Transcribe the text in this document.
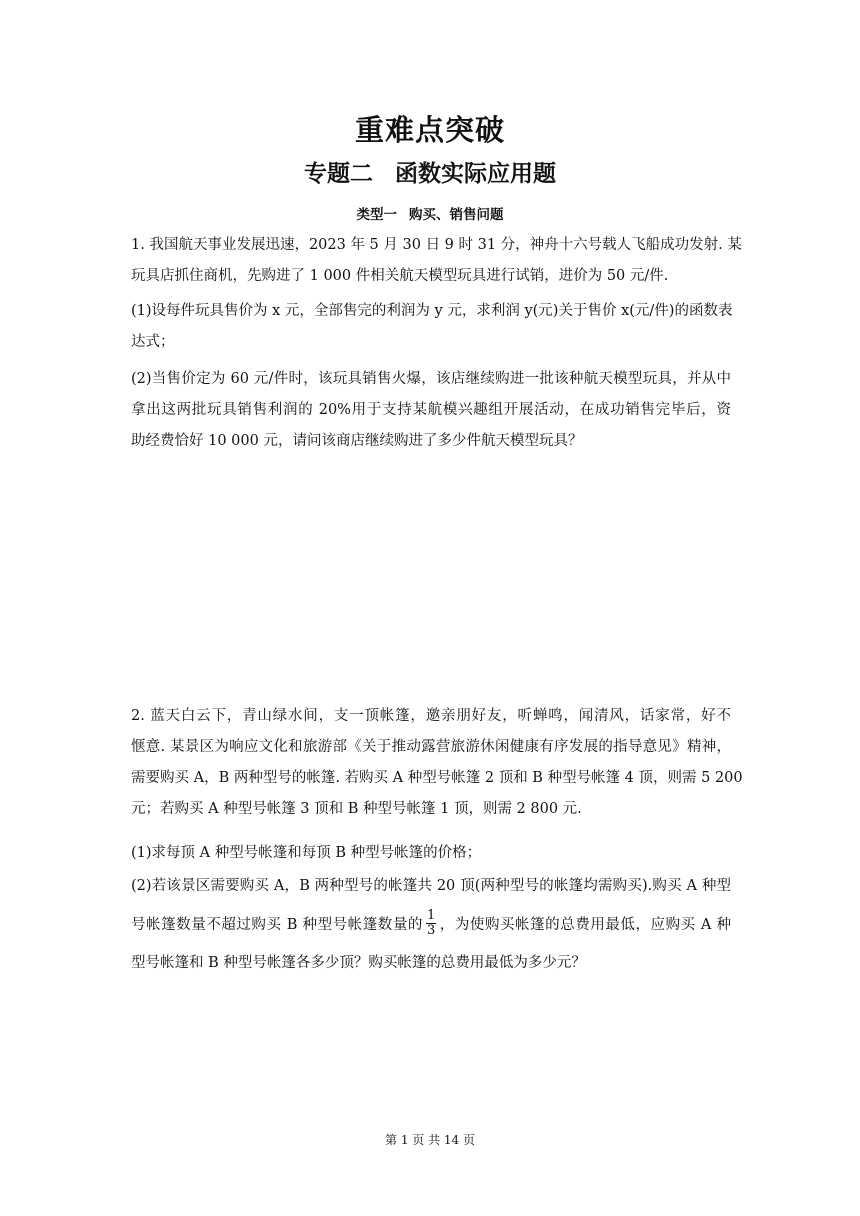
重难点突破
专题二 函数实际应用题
类型一 购买、销售问题
1. 我国航天事业发展迅速，2023 年 5 月 30 日 9 时 31 分，神舟十六号载人飞船成功发射. 某
玩具店抓住商机，先购进了 1 000 件相关航天模型玩具进行试销，进价为 50 元/件.
(1)设每件玩具售价为 x 元，全部售完的利润为 y 元，求利润 y(元)关于售价 x(元/件)的函数表
达式；
(2)当售价定为 60 元/件时，该玩具销售火爆，该店继续购进一批该种航天模型玩具，并从中
拿出这两批玩具销售利润的 20%用于支持某航模兴趣组开展活动，在成功销售完毕后，资
助经费恰好 10 000 元，请问该商店继续购进了多少件航天模型玩具？
2. 蓝天白云下，青山绿水间，支一顶帐篷，邀亲朋好友，听蝉鸣，闻清风，话家常，好不
惬意. 某景区为响应文化和旅游部《关于推动露营旅游休闲健康有序发展的指导意见》精神，
需要购买 A，B 两种型号的帐篷. 若购买 A 种型号帐篷 2 顶和 B 种型号帐篷 4 顶，则需 5 200
元；若购买 A 种型号帐篷 3 顶和 B 种型号帐篷 1 顶，则需 2 800 元.
(1)求每顶 A 种型号帐篷和每顶 B 种型号帐篷的价格；
(2)若该景区需要购买 A，B 两种型号的帐篷共 20 顶(两种型号的帐篷均需购买).购买 A 种型
号帐篷数量不超过购买 B 种型号帐篷数量的 $\frac{1}{3}$ ，为使购买帐篷的总费用最低，应购买 A 种
型号帐篷和 B 种型号帐篷各多少顶？购买帐篷的总费用最低为多少元？
第 1 页 共 14 页
